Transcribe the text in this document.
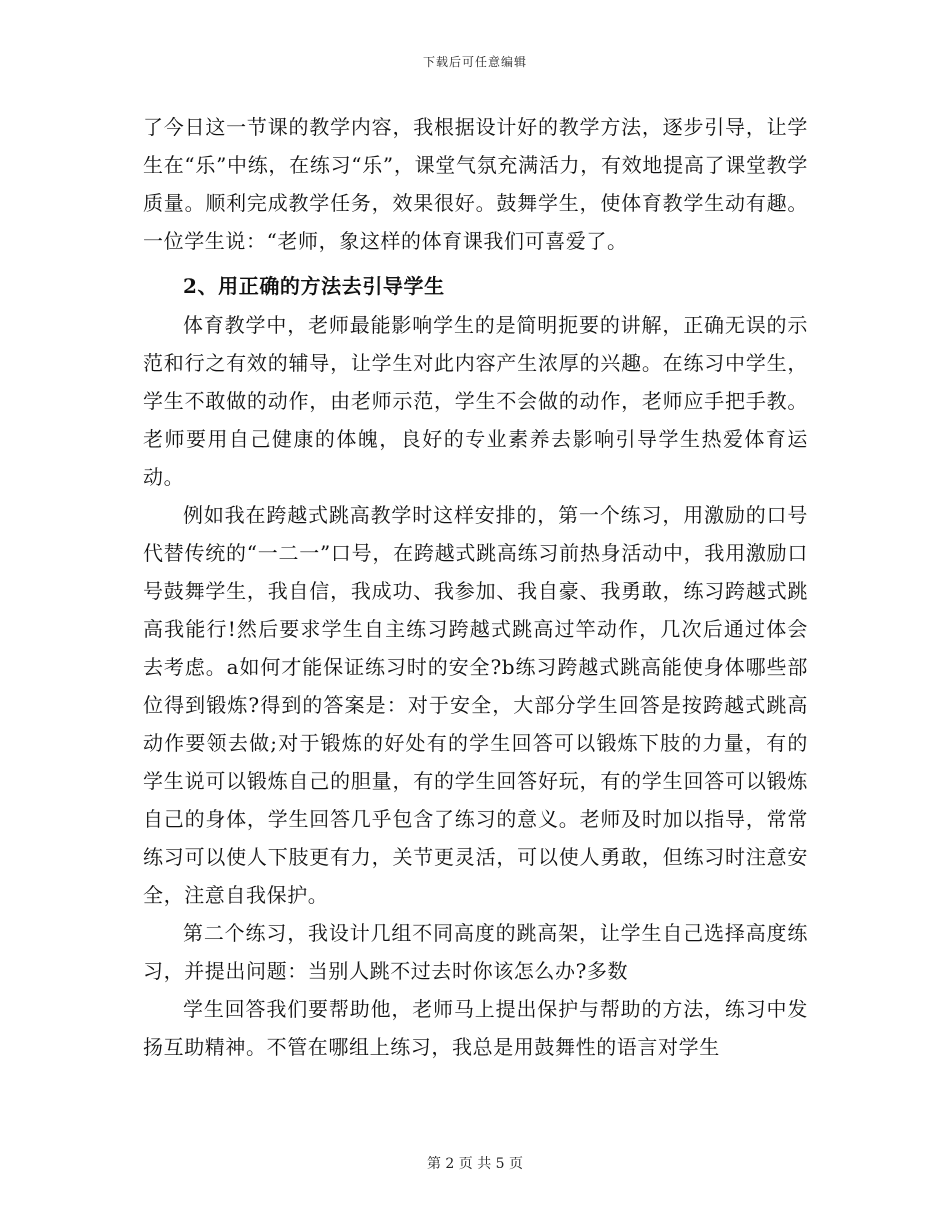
下载后可任意编辑

了今日这一节课的教学内容，我根据设计好的教学方法，逐步引导，让学生在“乐”中练，在练习“乐”，课堂气氛充满活力，有效地提高了课堂教学质量。顺利完成教学任务，效果很好。鼓舞学生，使体育教学生动有趣。一位学生说：“老师，象这样的体育课我们可喜爱了。

2、用正确的方法去引导学生

体育教学中，老师最能影响学生的是简明扼要的讲解，正确无误的示范和行之有效的辅导，让学生对此内容产生浓厚的兴趣。在练习中学生，学生不敢做的动作，由老师示范，学生不会做的动作，老师应手把手教。老师要用自己健康的体魄，良好的专业素养去影响引导学生热爱体育运动。

例如我在跨越式跳高教学时这样安排的，第一个练习，用激励的口号代替传统的“一二一”口号，在跨越式跳高练习前热身活动中，我用激励口号鼓舞学生，我自信，我成功、我参加、我自豪、我勇敢，练习跨越式跳高我能行!然后要求学生自主练习跨越式跳高过竿动作，几次后通过体会去考虑。a如何才能保证练习时的安全?b练习跨越式跳高能使身体哪些部位得到锻炼?得到的答案是：对于安全，大部分学生回答是按跨越式跳高动作要领去做;对于锻炼的好处有的学生回答可以锻炼下肢的力量，有的学生说可以锻炼自己的胆量，有的学生回答好玩，有的学生回答可以锻炼自己的身体，学生回答几乎包含了练习的意义。老师及时加以指导，常常练习可以使人下肢更有力，关节更灵活，可以使人勇敢，但练习时注意安全，注意自我保护。

第二个练习，我设计几组不同高度的跳高架，让学生自己选择高度练习，并提出问题：当别人跳不过去时你该怎么办?多数

学生回答我们要帮助他，老师马上提出保护与帮助的方法，练习中发扬互助精神。不管在哪组上练习，我总是用鼓舞性的语言对学生

第 2 页 共 5 页
